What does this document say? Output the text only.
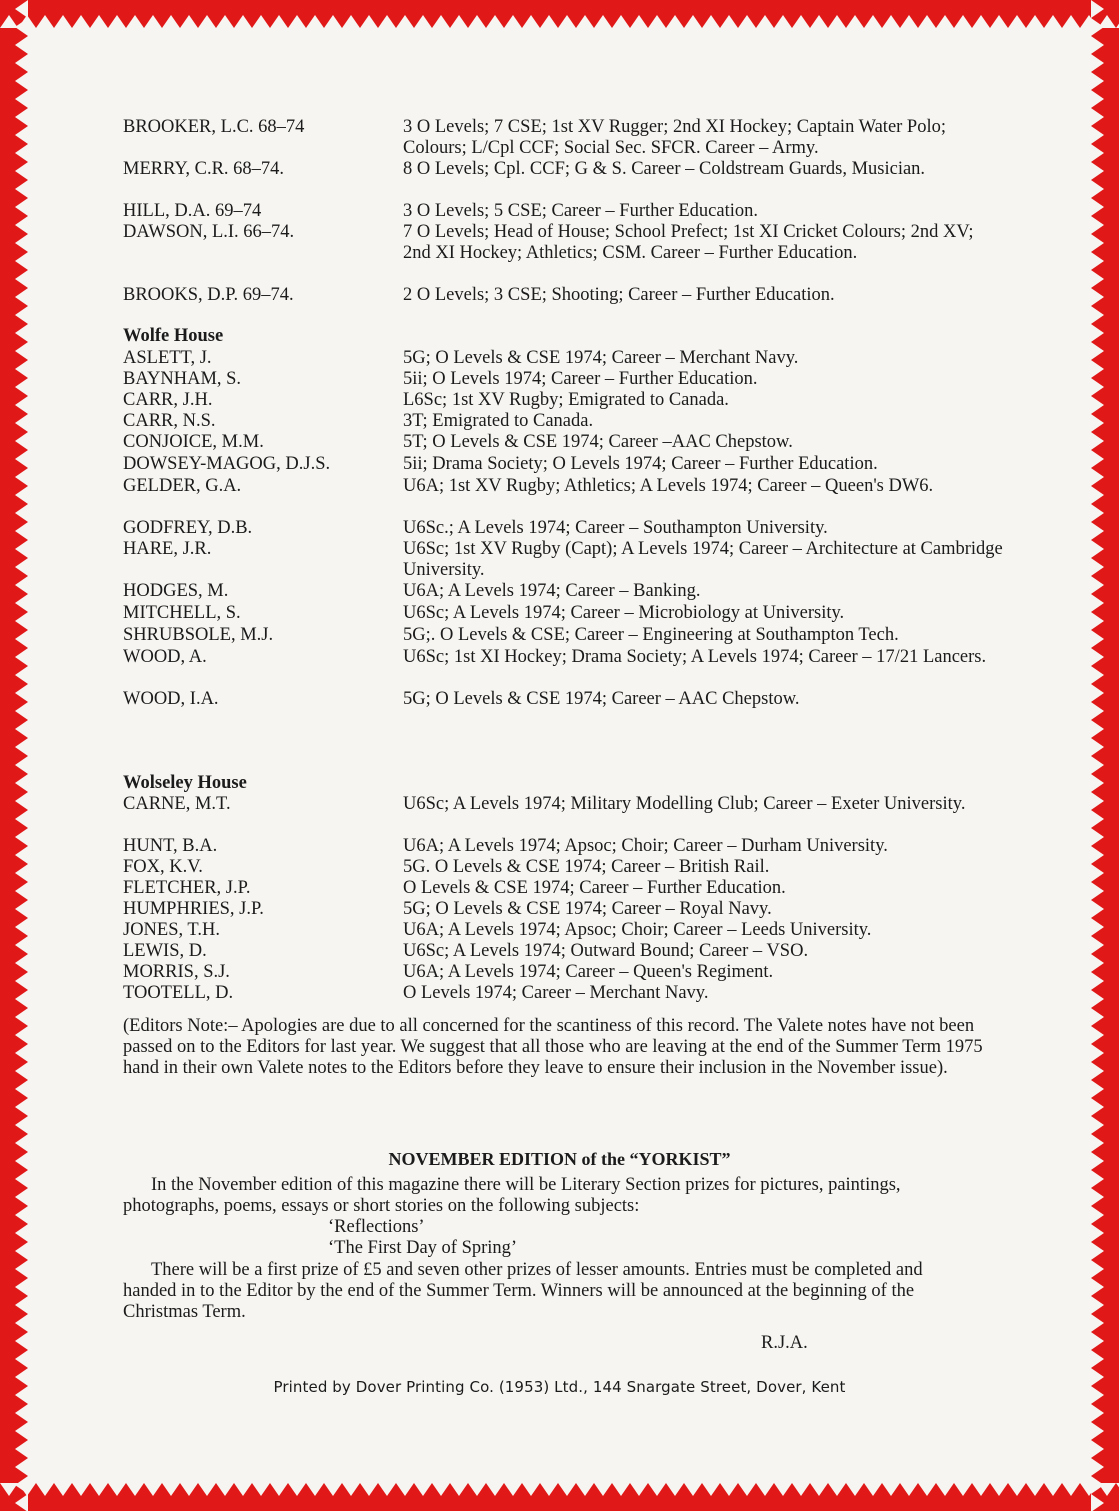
BROOKER, L.C. 68–74	3 O Levels; 7 CSE; 1st XV Rugger; 2nd XI Hockey; Captain Water Polo; Colours; L/Cpl CCF; Social Sec. SFCR. Career – Army.
MERRY, C.R. 68–74.	8 O Levels; Cpl. CCF; G & S. Career – Coldstream Guards, Musician.
HILL, D.A. 69–74	3 O Levels; 5 CSE; Career – Further Education.
DAWSON, L.I. 66–74.	7 O Levels; Head of House; School Prefect; 1st XI Cricket Colours; 2nd XV; 2nd XI Hockey; Athletics; CSM. Career – Further Education.
BROOKS, D.P. 69–74.	2 O Levels; 3 CSE; Shooting; Career – Further Education.
Wolfe House
ASLETT, J.	5G; O Levels & CSE 1974; Career – Merchant Navy.
BAYNHAM, S.	5ii; O Levels 1974; Career – Further Education.
CARR, J.H.	L6Sc; 1st XV Rugby; Emigrated to Canada.
CARR, N.S.	3T; Emigrated to Canada.
CONJOICE, M.M.	5T; O Levels & CSE 1974; Career –AAC Chepstow.
DOWSEY-MAGOG, D.J.S.	5ii; Drama Society; O Levels 1974; Career – Further Education.
GELDER, G.A.	U6A; 1st XV Rugby; Athletics; A Levels 1974; Career – Queen's DW6.
GODFREY, D.B.	U6Sc.; A Levels 1974; Career – Southampton University.
HARE, J.R.	U6Sc; 1st XV Rugby (Capt); A Levels 1974; Career – Architecture at Cambridge University.
HODGES, M.	U6A; A Levels 1974; Career – Banking.
MITCHELL, S.	U6Sc; A Levels 1974; Career – Microbiology at University.
SHRUBSOLE, M.J.	5G;. O Levels & CSE; Career – Engineering at Southampton Tech.
WOOD, A.	U6Sc; 1st XI Hockey; Drama Society; A Levels 1974; Career – 17/21 Lancers.
WOOD, I.A.	5G; O Levels & CSE 1974; Career – AAC Chepstow.
Wolseley House
CARNE, M.T.	U6Sc; A Levels 1974; Military Modelling Club; Career – Exeter University.
HUNT, B.A.	U6A; A Levels 1974; Apsoc; Choir; Career – Durham University.
FOX, K.V.	5G. O Levels & CSE 1974; Career – British Rail.
FLETCHER, J.P.	O Levels & CSE 1974; Career – Further Education.
HUMPHRIES, J.P.	5G; O Levels & CSE 1974; Career – Royal Navy.
JONES, T.H.	U6A; A Levels 1974; Apsoc; Choir; Career – Leeds University.
LEWIS, D.	U6Sc; A Levels 1974; Outward Bound; Career – VSO.
MORRIS, S.J.	U6A; A Levels 1974; Career – Queen's Regiment.
TOOTELL, D.	O Levels 1974; Career – Merchant Navy.
(Editors Note:– Apologies are due to all concerned for the scantiness of this record. The Valete notes have not been passed on to the Editors for last year. We suggest that all those who are leaving at the end of the Summer Term 1975 hand in their own Valete notes to the Editors before they leave to ensure their inclusion in the November issue).
NOVEMBER EDITION of the “YORKIST”
In the November edition of this magazine there will be Literary Section prizes for pictures, paintings, photographs, poems, essays or short stories on the following subjects:
‘Reflections’
‘The First Day of Spring’
There will be a first prize of £5 and seven other prizes of lesser amounts. Entries must be completed and handed in to the Editor by the end of the Summer Term. Winners will be announced at the beginning of the Christmas Term.
R.J.A.
Printed by Dover Printing Co. (1953) Ltd., 144 Snargate Street, Dover, Kent
